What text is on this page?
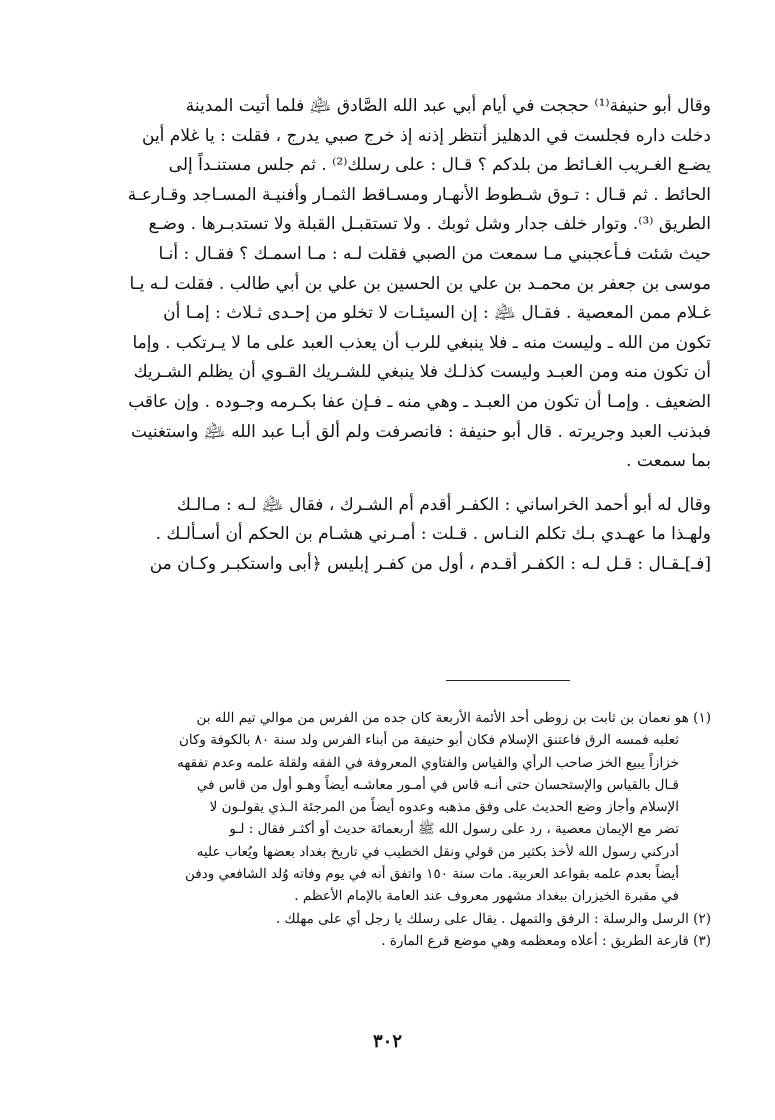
وقال أبو حنيفة⁽¹⁾ حججت في أيام أبي عبد الله الصَّادق ﵇ فلما أتيت المدينة

دخلت داره فجلست في الدهليز أنتظر إذنه إذ خرج صبي يدرج ، فقلت : يا غلام أين

يضـع الغـريب الغـائط من بلدكم ؟ قـال : على رسلك⁽²⁾ . ثم جلس مستنـداً إلى

الحائط . ثم قـال : تـوق شـطوط الأنهـار ومسـاقط الثمـار وأفنيـة المسـاجد وقـارعـة

الطريق ⁽³⁾. وتوار خلف جدار وشل ثوبك . ولا تستقبـل القبلة ولا تستدبـرها . وضـع

حيث شئت فـأعجبني مـا سمعت من الصبي فقلت لـه : مـا اسمـك ؟ فقـال : أنـا

موسى بن جعفر بن محمـد بن علي بن الحسين بن علي بن أبي طالب . فقلت لـه يـا

غـلام ممن المعصية . فقـال ﵇ : إن السيئـات لا تخلو من إحـدى ثـلاث : إمـا أن

تكون من الله ـ وليست منه ـ فلا ينبغي للرب أن يعذب العبد على ما لا يـرتكب . وإما

أن تكون منه ومن العبـد وليست كذلـك فلا ينبغي للشـريك القـوي أن يظلم الشـريك

الضعيف . وإمـا أن تكون من العبـد ـ وهي منه ـ فـإن عفا بكـرمه وجـوده . وإن عاقب

فبذنب العبد وجريرته . قال أبو حنيفة : فانصرفت ولم ألق أبـا عبد الله ﵇ واستغنيت

بما سمعت .

وقال له أبو أحمد الخراساني : الكفـر أقدم أم الشـرك ، فقال ﵇ لـه : مـالـك

ولهـذا ما عهـدي بـك تكلم النـاس . قـلت : أمـرني هشـام بن الحكم أن أسـألـك .

[فـ]ـقـال : قـل لـه : الكفـر أقـدم ، أول من كفـر إبليس ﴿أبى واستكبـر وكـان من

(١) هو نعمان بن ثابت بن زوطى أحد الأئمة الأربعة كان جده من الفرس من موالي تيم الله بن

ثعلبه فمسه الرق فاعتنق الإسلام فكان أبو حنيفة من أبناء الفرس ولد سنة ٨٠ بالكوفة وكان

خزازاً يبيع الخز صاحب الرأي والقياس والفتاوي المعروفة في الفقه ولقلة علمه وعدم تفقهه

قـال بالقياس والإستحسان حتى أنـه قاس في أمـور معاشـه أيضاً وهـو أول من قاس في

الإسلام وأجاز وضع الحديث على وفق مذهبه وعدوه أيضاً من المرجئة الـذي يقولـون لا

تضر مع الإيمان معصية ، رد على رسول الله ﷺ أربعمائة حديث أو أكثـر فقال : لـو

أدركني رسول الله لأخذ بكثير من قولي ونقل الخطيب في تاريخ بغداد بعضها ويُعاب عليه

أيضاً بعدم علمه بقواعد العربية. مات سنة ١٥٠ واتفق أنه في يوم وفاته وُلد الشافعي ودفن

في مقبرة الخيزران ببغداد مشهور معروف عند العامة بالإمام الأعظم .

(٢) الرسل والرسلة : الرفق والتمهل . يقال على رسلك يا رجل أي على مهلك .

(٣) قارعة الطريق : أعلاه ومعظمه وهي موضع قرع المارة .

٣٠٢
